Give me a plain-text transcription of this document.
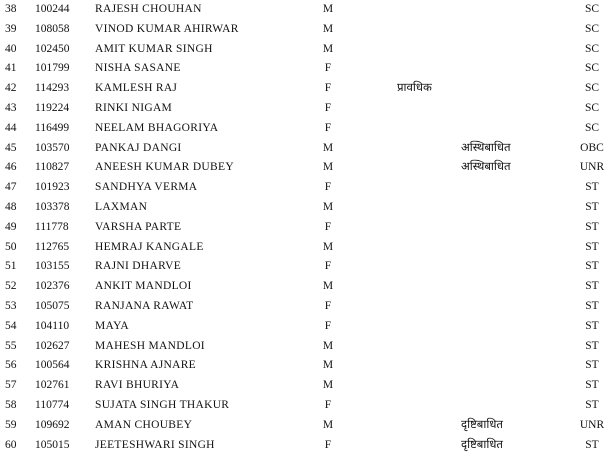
38	100244 RAJESH CHOUHAN	M	SC
39	108058 VINOD KUMAR AHIRWAR	M	SC
40	102450 AMIT KUMAR SINGH	M	SC
41	101799 NISHA SASANE	F	SC
42	114293 KAMLESH RAJ	F	प्रावधिक	SC
43	119224 RINKI NIGAM	F	SC
44	116499 NEELAM BHAGORIYA	F	SC
45	103570 PANKAJ DANGI	M	अस्थिबाधित	OBC
46	110827 ANEESH KUMAR DUBEY	M	अस्थिबाधित	UNR
47	101923 SANDHYA VERMA	F	ST
48	103378 LAXMAN	M	ST
49	111778 VARSHA PARTE	F	ST
50	112765 HEMRAJ KANGALE	M	ST
51	103155 RAJNI DHARVE	F	ST
52	102376 ANKIT MANDLOI	M	ST
53	105075 RANJANA RAWAT	F	ST
54	104110 MAYA	F	ST
55	102627 MAHESH MANDLOI	M	ST
56	100564 KRISHNA AJNARE	M	ST
57	102761 RAVI BHURIYA	M	ST
58	110774 SUJATA SINGH THAKUR	F	ST
59	109692 AMAN CHOUBEY	M	दृष्टिबाधित	UNR
60	105015 JEETESHWARI SINGH	F	दृष्टिबाधित	ST
